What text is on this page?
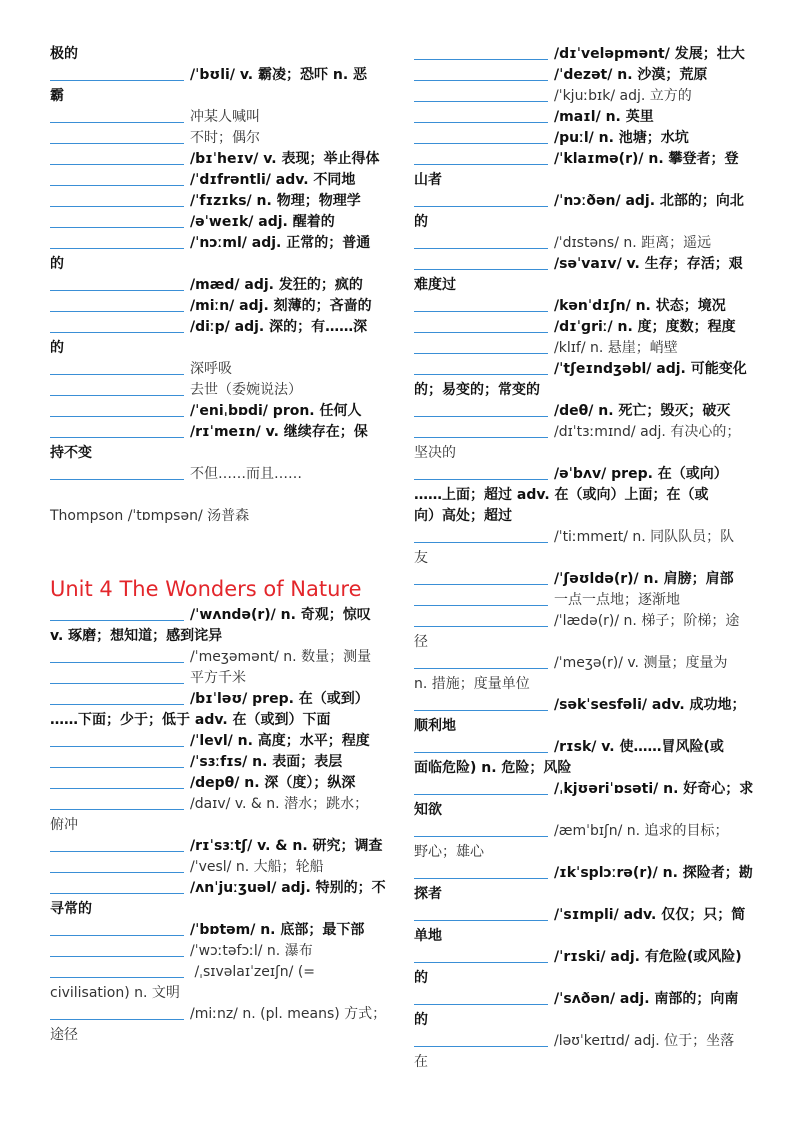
极的
/ˈbʊli/ v. 霸凌；恐吓 n. 恶
霸
冲某人喊叫
不时；偶尔
/bɪˈheɪv/ v. 表现；举止得体
/ˈdɪfrəntli/ adv. 不同地
/ˈfɪzɪks/ n. 物理；物理学
/əˈweɪk/ adj. 醒着的
/ˈnɔːml/ adj. 正常的；普通
的
/mæd/ adj. 发狂的；疯的
/miːn/ adj. 刻薄的；吝啬的
/diːp/ adj. 深的；有……深
的
深呼吸
去世（委婉说法）
/ˈeniˌbɒdi/ pron. 任何人
/rɪˈmeɪn/ v. 继续存在；保
持不变
不但……而且……
Thompson /ˈtɒmpsən/ 汤普森
Unit 4 The Wonders of Nature
/ˈwʌndə(r)/ n. 奇观；惊叹
v. 琢磨；想知道；感到诧异
/ˈmeʒəmənt/ n. 数量；测量
平方千米
/bɪˈləʊ/ prep. 在（或到）
……下面；少于；低于 adv. 在（或到）下面
/ˈlevl/ n. 高度；水平；程度
/ˈsɜːfɪs/ n. 表面；表层
/depθ/ n. 深（度）；纵深
/daɪv/ v. & n. 潜水；跳水；
俯冲
/rɪˈsɜːtʃ/ v. & n. 研究；调查
/ˈvesl/ n. 大船；轮船
/ʌnˈjuːʒuəl/ adj. 特别的；不
寻常的
/ˈbɒtəm/ n. 底部；最下部
/ˈwɔːtəfɔːl/ n. 瀑布
/ˌsɪvəlaɪˈzeɪʃn/ (=
civilisation) n. 文明
/miːnz/ n. (pl. means) 方式；
途径
/dɪˈveləpmənt/ 发展；壮大
/ˈdezət/ n. 沙漠；荒原
/ˈkjuːbɪk/ adj. 立方的
/maɪl/ n. 英里
/puːl/ n. 池塘；水坑
/ˈklaɪmə(r)/ n. 攀登者；登
山者
/ˈnɔːðən/ adj. 北部的；向北
的
/ˈdɪstəns/ n. 距离；遥远
/səˈvaɪv/ v. 生存；存活；艰
难度过
/kənˈdɪʃn/ n. 状态；境况
/dɪˈɡriː/ n. 度；度数；程度
/klɪf/ n. 悬崖；峭壁
/ˈtʃeɪndʒəbl/ adj. 可能变化
的；易变的；常变的
/deθ/ n. 死亡；毁灭；破灭
/dɪˈtɜːmɪnd/ adj. 有决心的；
坚决的
/əˈbʌv/ prep. 在（或向）
……上面；超过 adv. 在（或向）上面；在（或
向）高处；超过
/ˈtiːmmeɪt/ n. 同队队员；队
友
/ˈʃəʊldə(r)/ n. 肩膀；肩部
一点一点地；逐渐地
/ˈlædə(r)/ n. 梯子；阶梯；途
径
/ˈmeʒə(r)/ v. 测量；度量为
n. 措施；度量单位
/səkˈsesfəli/ adv. 成功地；
顺利地
/rɪsk/ v. 使……冒风险(或
面临危险) n. 危险；风险
/ˌkjʊəriˈɒsəti/ n. 好奇心；求
知欲
/æmˈbɪʃn/ n. 追求的目标；
野心；雄心
/ɪkˈsplɔːrə(r)/ n. 探险者；勘
探者
/ˈsɪmpli/ adv. 仅仅；只；简
单地
/ˈrɪski/ adj. 有危险(或风险)
的
/ˈsʌðən/ adj. 南部的；向南
的
/ləʊˈkeɪtɪd/ adj. 位于；坐落
在
